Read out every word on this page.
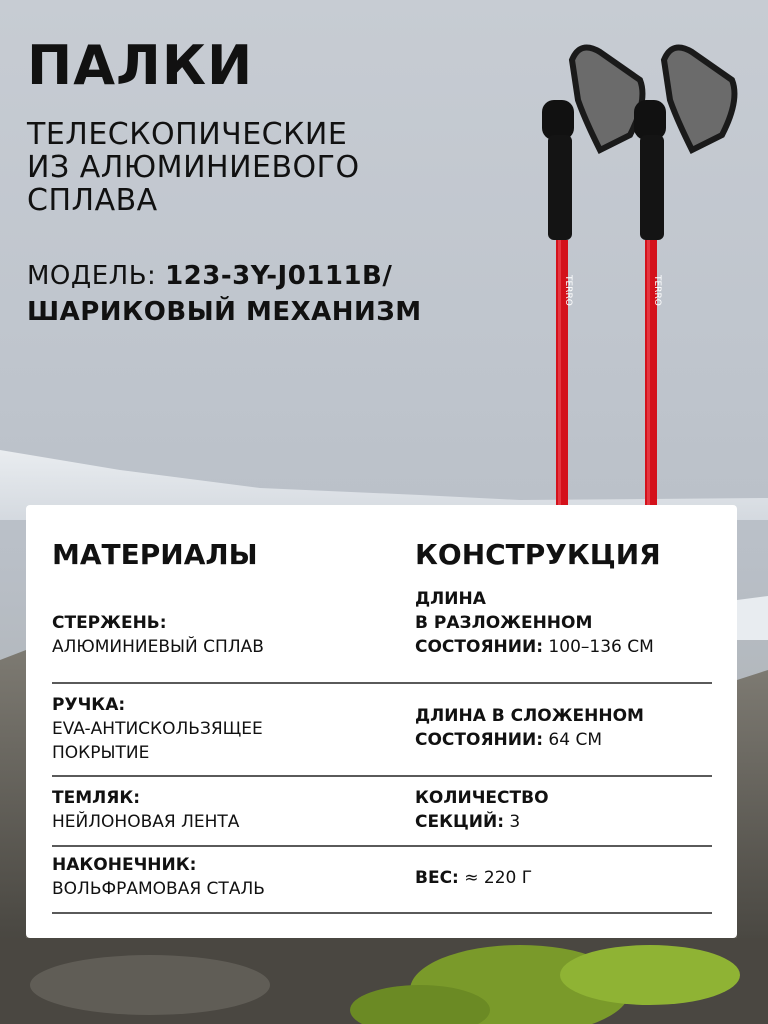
TERRO	TERRO
ПАЛКИ

ТЕЛЕСКОПИЧЕСКИЕ
ИЗ АЛЮМИНИЕВОГО
СПЛАВА

МОДЕЛЬ: 123-3Y-J0111B/
ШАРИКОВЫЙ МЕХАНИЗМ

МАТЕРИАЛЫ	КОНСТРУКЦИЯ
СТЕРЖЕНЬ:
АЛЮМИНИЕВЫЙ СПЛАВ
ДЛИНА
В РАЗЛОЖЕННОМ
СОСТОЯНИИ: 100–136 СМ
РУЧКА:
EVA-АНТИСКОЛЬЗЯЩЕЕ
ПОКРЫТИЕ
ДЛИНА В СЛОЖЕННОМ
СОСТОЯНИИ: 64 СМ
ТЕМЛЯК:
НЕЙЛОНОВАЯ ЛЕНТА
КОЛИЧЕСТВО
СЕКЦИЙ: 3
НАКОНЕЧНИК:
ВОЛЬФРАМОВАЯ СТАЛЬ
ВЕС: ≈ 220 Г
